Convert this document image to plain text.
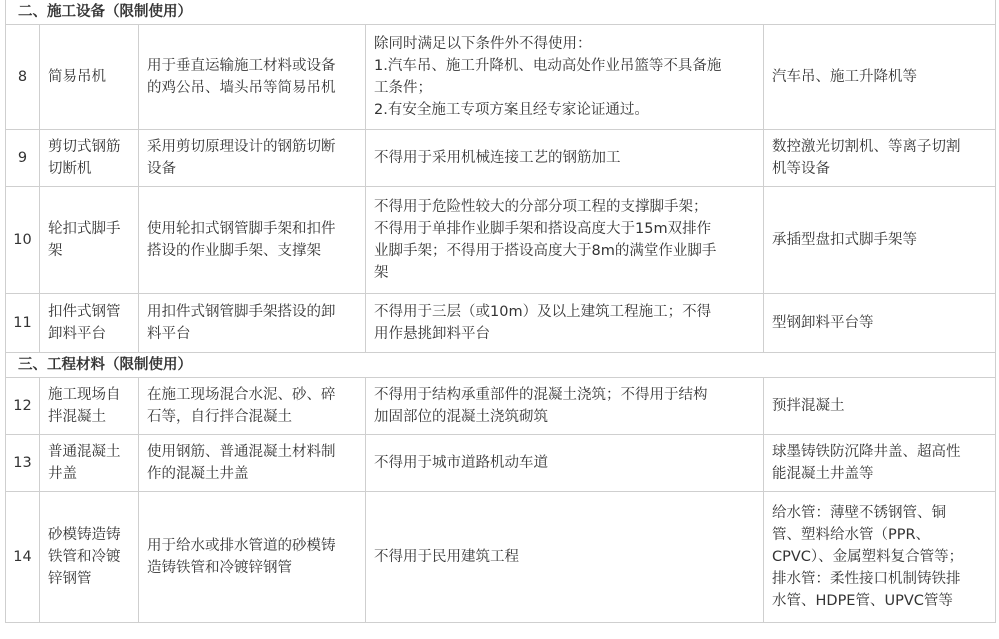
二、施工设备（限制使用）				
8	简易吊机	用于垂直运输施工材料或设备
的鸡公吊、墙头吊等简易吊机	除同时满足以下条件外不得使用：
1.汽车吊、施工升降机、电动高处作业吊篮等不具备施
工条件；
2.有安全施工专项方案且经专家论证通过。	汽车吊、施工升降机等

9	剪切式钢筋
切断机	采用剪切原理设计的钢筋切断
设备	不得用于采用机械连接工艺的钢筋加工	数控激光切割机、等离子切割
机等设备

10	轮扣式脚手
架	使用轮扣式钢管脚手架和扣件
搭设的作业脚手架、支撑架	不得用于危险性较大的分部分项工程的支撑脚手架；
不得用于单排作业脚手架和搭设高度大于15m双排作
业脚手架；不得用于搭设高度大于8m的满堂作业脚手
架	承插型盘扣式脚手架等

11	扣件式钢管
卸料平台	用扣件式钢管脚手架搭设的卸
料平台	不得用于三层（或10m）及以上建筑工程施工；不得
用作悬挑卸料平台	型钢卸料平台等

三、工程材料（限制使用）				
12	施工现场自
拌混凝土	在施工现场混合水泥、砂、碎
石等，自行拌合混凝土	不得用于结构承重部件的混凝土浇筑；不得用于结构
加固部位的混凝土浇筑砌筑	预拌混凝土

13	普通混凝土
井盖	使用钢筋、普通混凝土材料制
作的混凝土井盖	不得用于城市道路机动车道	球墨铸铁防沉降井盖、超高性
能混凝土井盖等

14	砂模铸造铸
铁管和冷镀
锌钢管	用于给水或排水管道的砂模铸
造铸铁管和冷镀锌钢管	不得用于民用建筑工程	给水管：薄壁不锈钢管、铜
管、塑料给水管（PPR、
CPVC）、金属塑料复合管等；
排水管：柔性接口机制铸铁排
水管、HDPE管、UPVC管等
